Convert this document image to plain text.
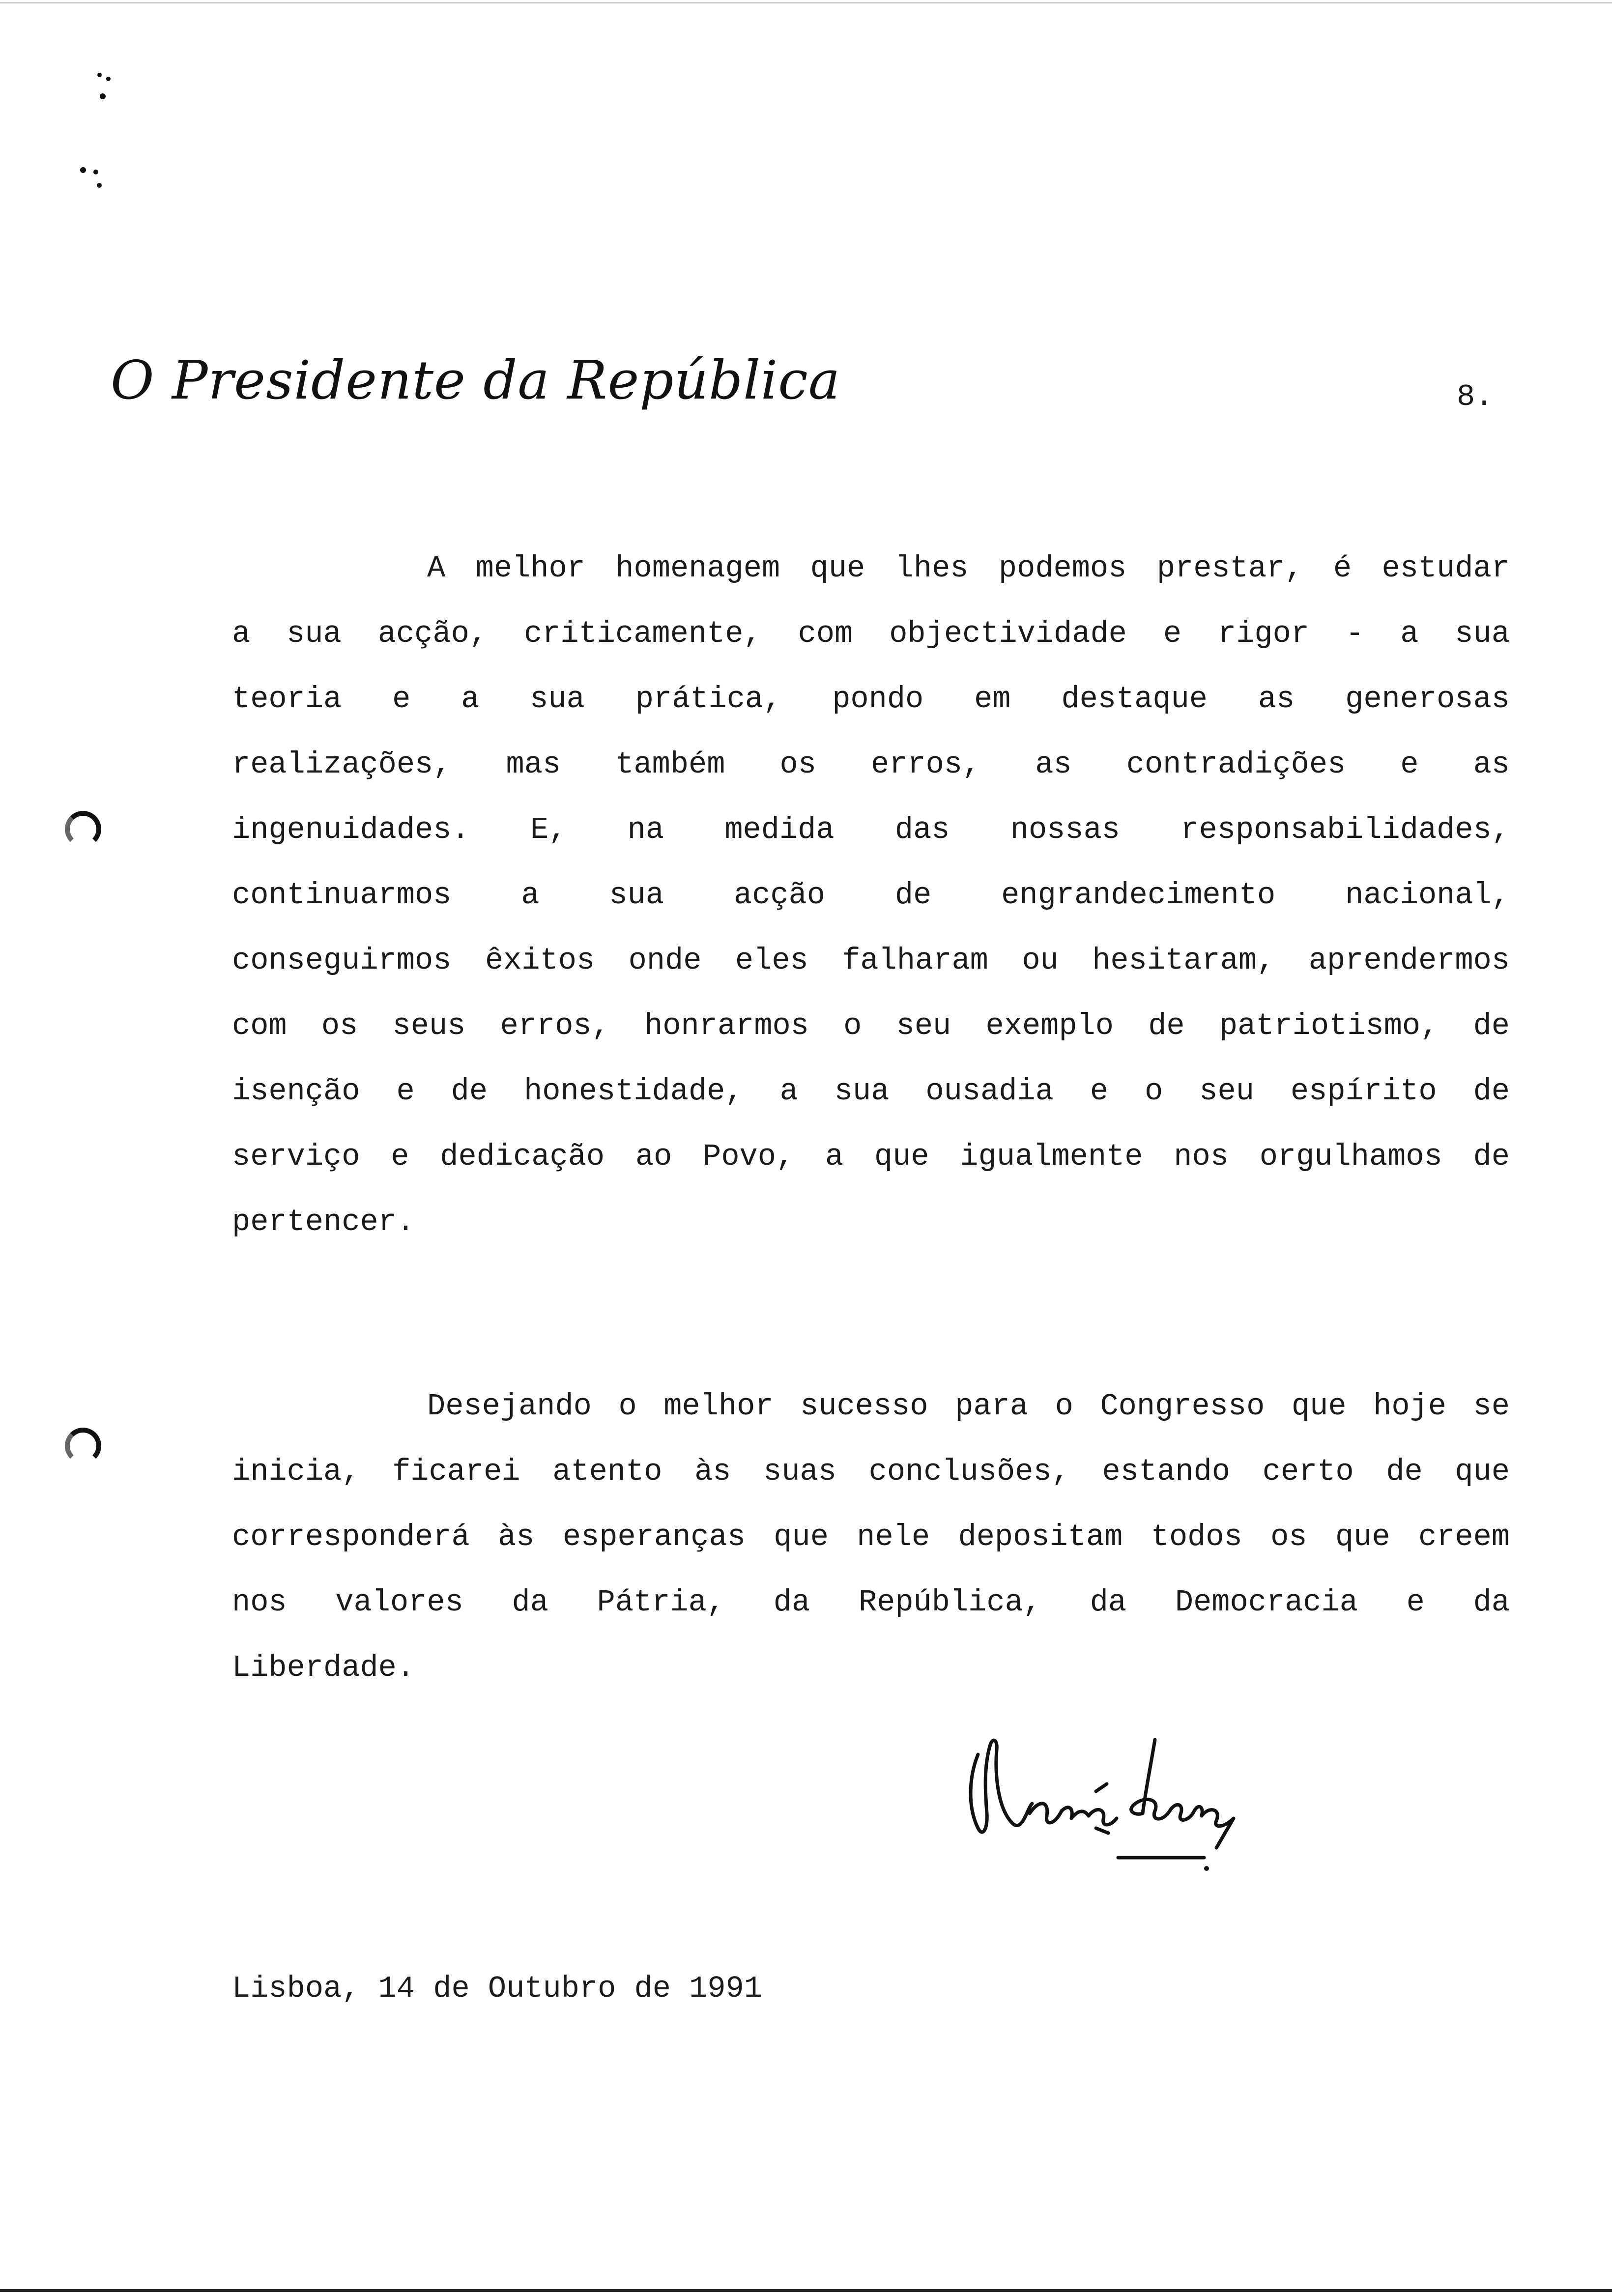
O Presidente da República	8.
A melhor homenagem que lhes podemos prestar, é estudar
a sua acção, criticamente, com objectividade e rigor - a sua
teoria e a sua prática, pondo em destaque as generosas
realizações, mas também os erros, as contradições e as
ingenuidades. E, na medida das nossas responsabilidades,
continuarmos a sua acção de engrandecimento nacional,
conseguirmos êxitos onde eles falharam ou hesitaram, aprendermos
com os seus erros, honrarmos o seu exemplo de patriotismo, de
isenção e de honestidade, a sua ousadia e o seu espírito de
serviço e dedicação ao Povo, a que igualmente nos orgulhamos de
pertencer.
Desejando o melhor sucesso para o Congresso que hoje se
inicia, ficarei atento às suas conclusões, estando certo de que
corresponderá às esperanças que nele depositam todos os que creem
nos valores da Pátria, da República, da Democracia e da
Liberdade.
Lisboa, 14 de Outubro de 1991
